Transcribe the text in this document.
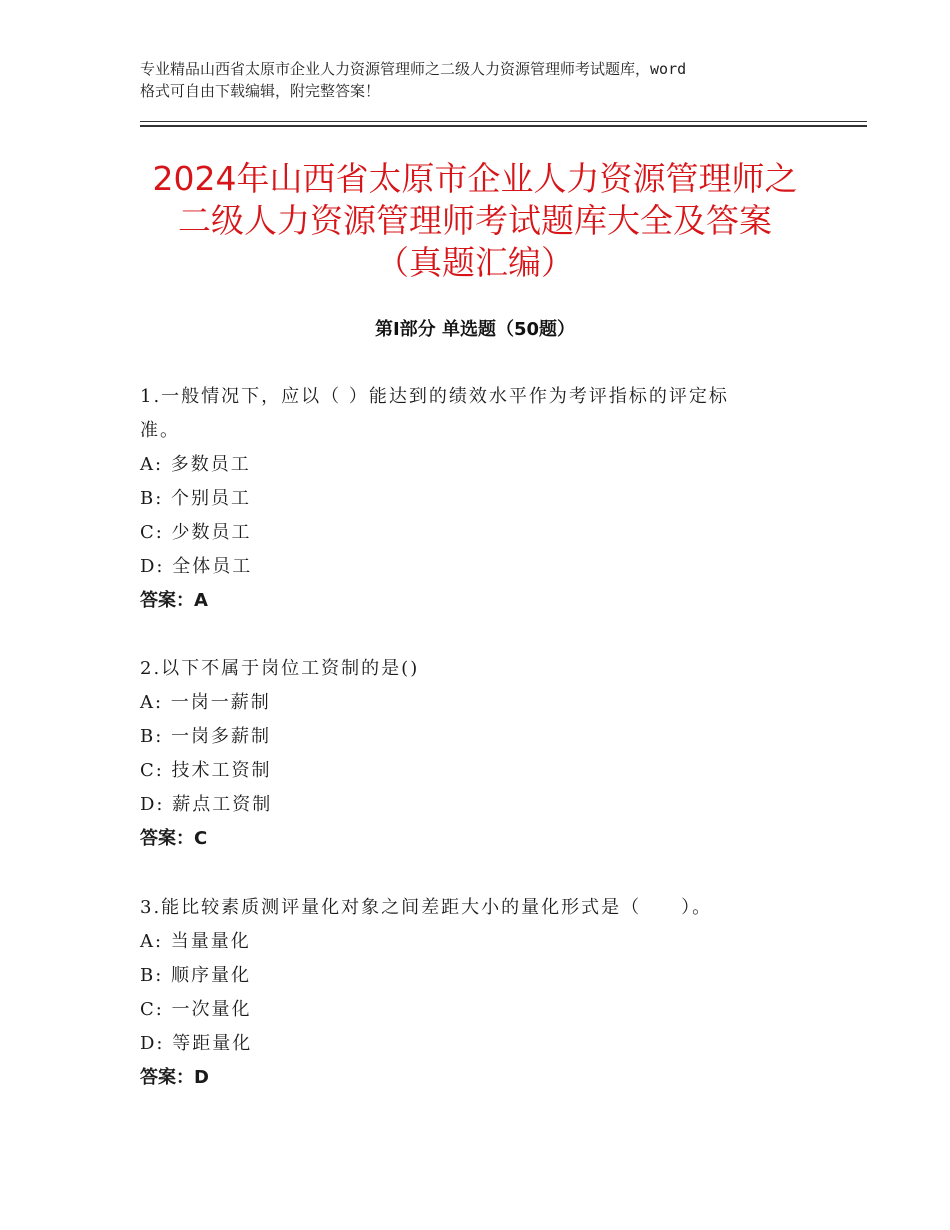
专业精品山西省太原市企业人力资源管理师之二级人力资源管理师考试题库，word
格式可自由下载编辑，附完整答案！
2024年山西省太原市企业人力资源管理师之
二级人力资源管理师考试题库大全及答案
（真题汇编）
第Ⅰ部分 单选题（50题）
1.一般情况下，应以（ ）能达到的绩效水平作为考评指标的评定标
准。
A: 多数员工
B: 个别员工
C: 少数员工
D: 全体员工
答案：A
2.以下不属于岗位工资制的是()
A: 一岗一薪制
B: 一岗多薪制
C: 技术工资制
D: 薪点工资制
答案：C
3.能比较素质测评量化对象之间差距大小的量化形式是（　　）。
A: 当量量化
B: 顺序量化
C: 一次量化
D: 等距量化
答案：D
